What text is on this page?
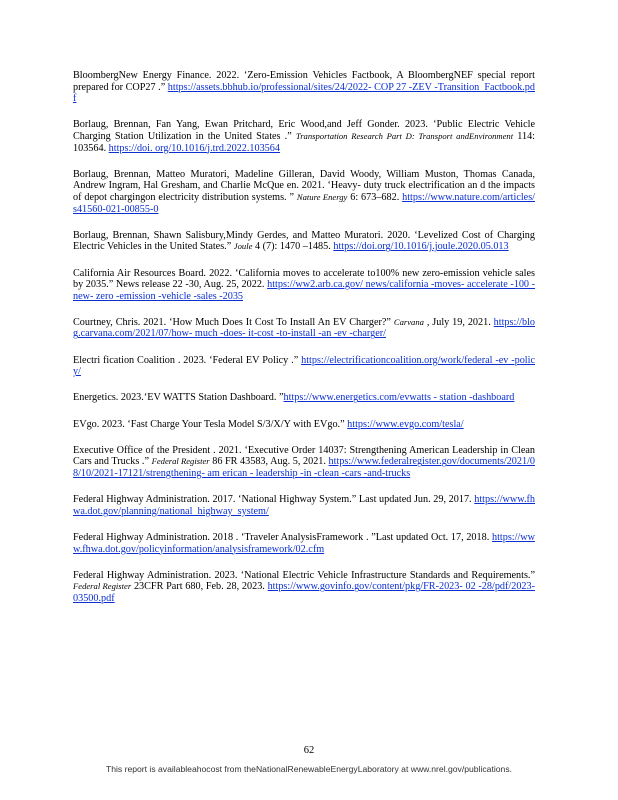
BloombergNew Energy Finance. 2022. ‘Zero-Emission Vehicles Factbook, A BloombergNEF special report prepared for COP27 .” https://assets.bbhub.io/professional/sites/24/2022- COP 27 -ZEV -Transition_Factbook.pdf

Borlaug, Brennan, Fan Yang, Ewan Pritchard, Eric Wood,and Jeff Gonder. 2023. ‘Public Electric Vehicle Charging Station Utilization in the United States .” Transportation Research Part D: Transport andEnvironment 114: 103564. https://doi. org/10.1016/j.trd.2022.103564

Borlaug, Brennan, Matteo Muratori, Madeline Gilleran, David Woody, William Muston, Thomas Canada, Andrew Ingram, Hal Gresham, and Charlie McQue en. 2021. ‘Heavy- duty truck electrification an d the impacts of depot chargingon electricity distribution systems. ” Nature Energy 6: 673–682. https://www.nature.com/articles/s41560-021-00855-0

Borlaug, Brennan, Shawn Salisbury,Mindy Gerdes, and Matteo Muratori. 2020. ‘Levelized Cost of Charging Electric Vehicles in the United States.” Joule 4 (7): 1470 –1485. https://doi.org/10.1016/j.joule.2020.05.013

California Air Resources Board. 2022. ‘California moves to accelerate to100% new zero-emission vehicle sales by 2035.” News release 22 -30, Aug. 25, 2022. https://ww2.arb.ca.gov/ news/california -moves- accelerate -100 -new- zero -emission -vehicle -sales -2035

Courtney, Chris. 2021. ‘How Much Does It Cost To Install An EV Charger?” Carvana , July 19, 2021. https://blog.carvana.com/2021/07/how- much -does- it-cost -to-install -an -ev -charger/

Electri fication Coalition . 2023. ‘Federal EV Policy .” https://electrificationcoalition.org/work/federal -ev -policy/

Energetics. 2023.‘EV WATTS Station Dashboard. ”https://www.energetics.com/evwatts - station -dashboard

EVgo. 2023. ‘Fast Charge Your Tesla Model S/3/X/Y with EVgo.” https://www.evgo.com/tesla/

Executive Office of the President . 2021. ‘Executive Order 14037: Strengthening American Leadership in Clean Cars and Trucks .” Federal Register 86 FR 43583, Aug. 5, 2021. https://www.federalregister.gov/documents/2021/08/10/2021-17121/strengthening- am erican - leadership -in -clean -cars -and-trucks

Federal Highway Administration. 2017. ‘National Highway System.” Last updated Jun. 29, 2017. https://www.fhwa.dot.gov/planning/national_highway_system/

Federal Highway Administration. 2018 . ‘Traveler AnalysisFramework . ”Last updated Oct. 17, 2018. https://www.fhwa.dot.gov/policyinformation/analysisframework/02.cfm

Federal Highway Administration. 2023. ‘National Electric Vehicle Infrastructure Standards and Requirements.” Federal Register 23CFR Part 680, Feb. 28, 2023. https://www.govinfo.gov/content/pkg/FR-2023- 02 -28/pdf/2023-03500.pdf

62
This report is availableahocost from theNationalRenewableEnergyLaboratory at www.nrel.gov/publications.
